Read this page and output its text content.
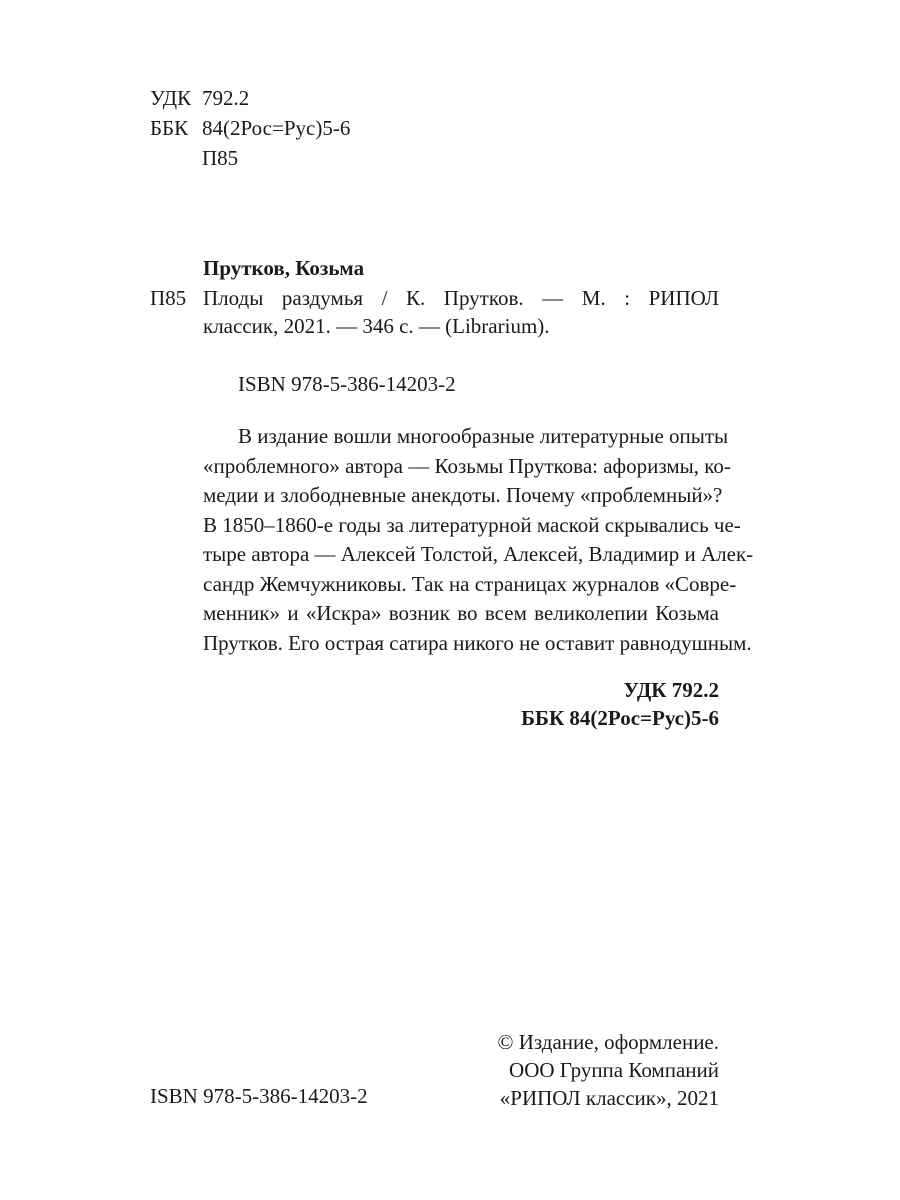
УДК 792.2
ББК 84(2Рос=Рус)5-6
П85
Прутков, Козьма
П85 Плоды раздумья / К. Прутков. — М. : РИПОЛ
классик, 2021. — 346 с. — (Librarium).
ISBN 978-5-386-14203-2
В издание вошли многообразные литературные опыты
«проблемного» автора — Козьмы Пруткова: афоризмы, ко-
медии и злободневные анекдоты. Почему «проблемный»?
В 1850–1860-е годы за литературной маской скрывались че-
тыре автора — Алексей Толстой, Алексей, Владимир и Алек-
сандр Жемчужниковы. Так на страницах журналов «Совре-
менник» и «Искра» возник во всем великолепии Козьма
Прутков. Его острая сатира никого не оставит равнодушным.
УДК 792.2
ББК 84(2Рос=Рус)5-6
ISBN 978-5-386-14203-2
© Издание, оформление.
ООО Группа Компаний
«РИПОЛ классик», 2021
